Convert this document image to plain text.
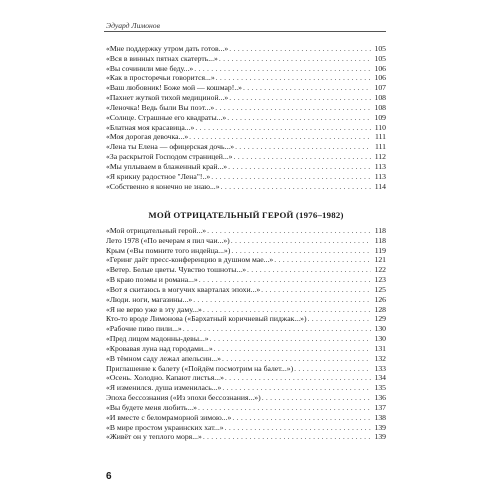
Эдуард Лимонов
«Мне поддержку утром дать готов...» . . .	105
«Вся в винных пятнах скатерть...» . . .	105
«Вы сочинили мне беду...» . . .	106
«Как в просторечьи говорится...» . . .	106
«Ваш любовник! Боже мой — кошмар!..» . . .	107
«Пахнет жуткой тихой медициной...» . . .	108
«Леночка! Ведь были Вы поэт...» . . .	108
«Солнце. Страшные его квадраты...» . . .	109
«Блатная моя красавица...» . . .	110
«Моя дорогая девочка...» . . .	111
«Лена ты Елена — офицерская дочь...» . . .	111
«За раскрытой Господом страницей...» . . .	112
«Мы уплываем в блаженный край...» . . .	113
«Я крикну радостное "Лена"!..» . . .	113
«Собственно я конечно не знаю...» . . .	114
МОЙ ОТРИЦАТЕЛЬНЫЙ ГЕРОЙ (1976–1982)
«Мой отрицательный герой...» . . .	118
Лето 1978 («По вечерам я пил чаи...») . . .	118
Крым («Вы помните того индейца...») . . .	119
«Геринг даёт пресс-конференцию в душном мае...» . . .	121
«Ветер. Белые цветы. Чувство тошноты...» . . .	122
«В краю поэмы и романа...» . . .	123
«Вот я скитаюсь в могучих кварталах эпохи...» . . .	125
«Люди. ноги, магазины...» . . .	126
«Я не верю уже в эту даму...» . . .	128
Кто-то вроде Лимонова («Бархатный коричневый пиджак...») . . .	129
«Рабочие пиво пили...» . . .	130
«Пред лицом мадонны-девы...» . . .	130
«Кровавая луна над городами...» . . .	131
«В тёмном саду лежал апельсин...» . . .	132
Приглашение к балету («Пойдём посмотрим на балет...») . . .	133
«Осень. Холодно. Капают листья...» . . .	134
«Я изменился. душа изменилась...» . . .	135
Эпоха бессознания («Из эпохи бессознания...») . . .	136
«Вы будете меня любить...» . . .	137
«И вместе с беломраморной зимою...» . . .	138
«В мире простом украинских хат...» . . .	139
«Живёт он у теплого моря...» . . .	139
6
